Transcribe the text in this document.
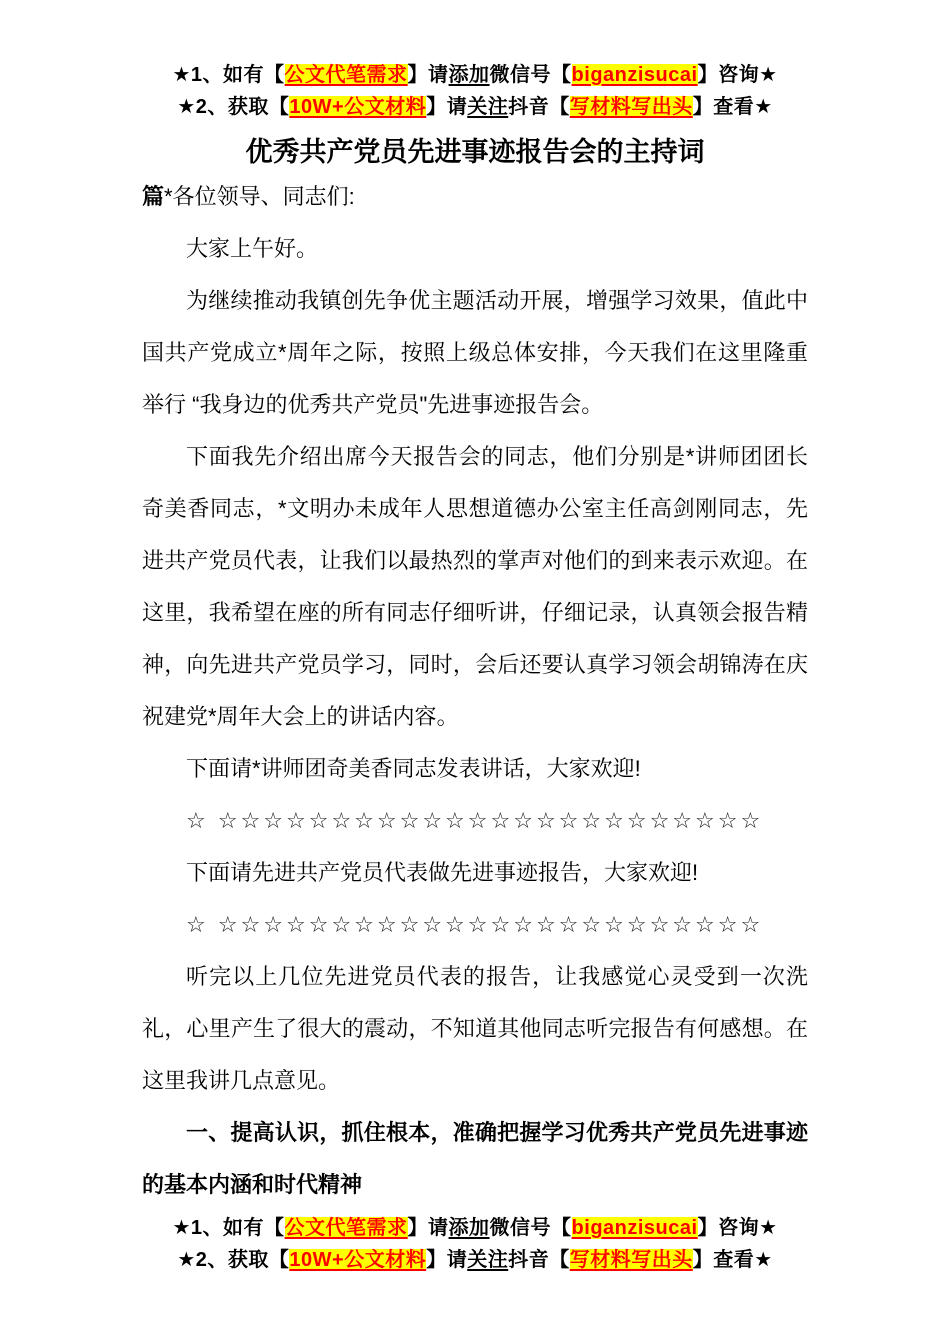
★1、如有【公文代笔需求】请添加微信号【biganzisucai】咨询★
★2、获取【10W+公文材料】请关注抖音【写材料写出头】查看★
优秀共产党员先进事迹报告会的主持词

篇*各位领导、同志们:

大家上午好。

为继续推动我镇创先争优主题活动开展，增强学习效果，值此中国共产党成立*周年之际，按照上级总体安排，今天我们在这里隆重举行 “我身边的优秀共产党员"先进事迹报告会。

下面我先介绍出席今天报告会的同志，他们分别是*讲师团团长奇美香同志，*文明办未成年人思想道德办公室主任高剑刚同志，先进共产党员代表，让我们以最热烈的掌声对他们的到来表示欢迎。在这里，我希望在座的所有同志仔细听讲，仔细记录，认真领会报告精神，向先进共产党员学习，同时，会后还要认真学习领会胡锦涛在庆祝建党*周年大会上的讲话内容。

下面请*讲师团奇美香同志发表讲话，大家欢迎!

☆ ☆☆☆☆☆☆☆☆☆☆☆☆☆☆☆☆☆☆☆☆☆☆☆☆

下面请先进共产党员代表做先进事迹报告，大家欢迎!

☆ ☆☆☆☆☆☆☆☆☆☆☆☆☆☆☆☆☆☆☆☆☆☆☆☆

听完以上几位先进党员代表的报告，让我感觉心灵受到一次洗礼，心里产生了很大的震动，不知道其他同志听完报告有何感想。在这里我讲几点意见。

一、提高认识，抓住根本，准确把握学习优秀共产党员先进事迹的基本内涵和时代精神

★1、如有【公文代笔需求】请添加微信号【biganzisucai】咨询★
★2、获取【10W+公文材料】请关注抖音【写材料写出头】查看★
